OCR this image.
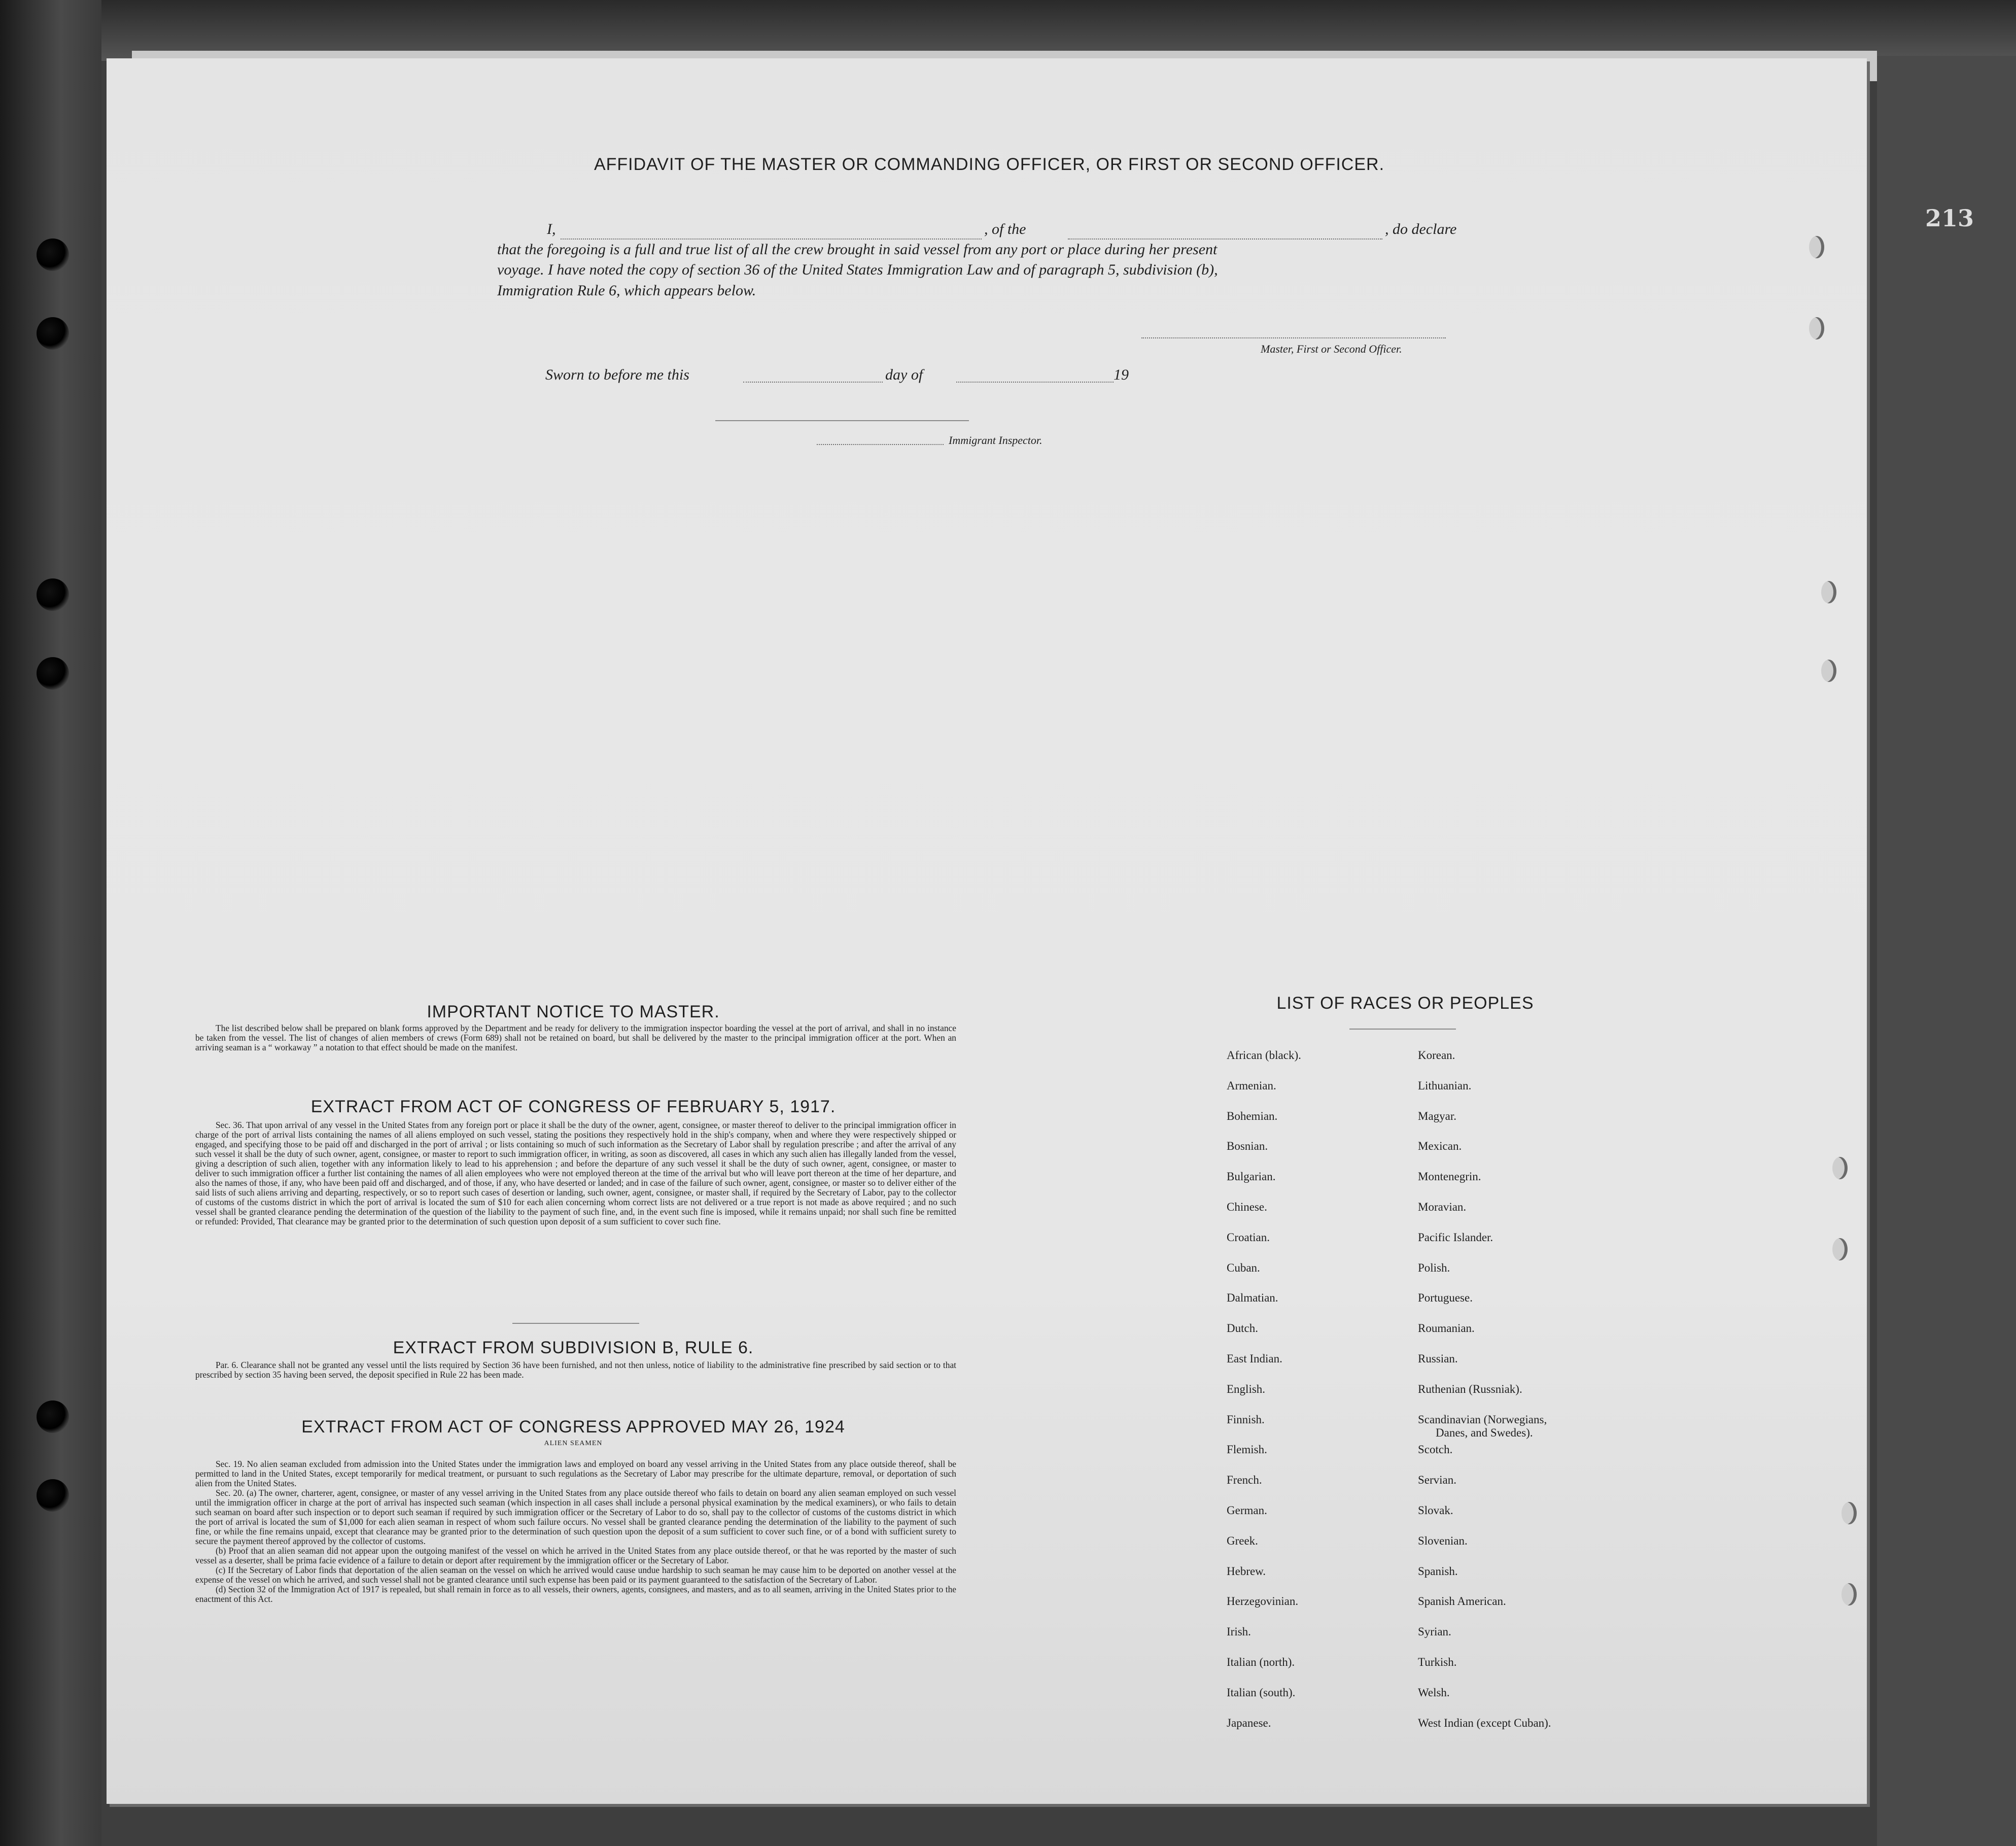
213
AFFIDAVIT OF THE MASTER OR COMMANDING OFFICER, OR FIRST OR SECOND OFFICER.
I,	, of the	, do declare
that the foregoing is a full and true list of all the crew brought in said vessel from any port or place during her present
voyage. I have noted the copy of section 36 of the United States Immigration Law and of paragraph 5, subdivision (b),
Immigration Rule 6, which appears below.
Master, First or Second Officer.
Sworn to before me this	day of	19
Immigrant Inspector.
IMPORTANT NOTICE TO MASTER.

The list described below shall be prepared on blank forms approved by the Department and be ready for delivery to the immigration inspector boarding the vessel at the port of arrival, and shall in no instance be taken from the vessel. The list of changes of alien members of crews (Form 689) shall not be retained on board, but shall be delivered by the master to the principal immigration officer at the port. When an arriving seaman is a “ workaway ” a notation to that effect should be made on the manifest.

EXTRACT FROM ACT OF CONGRESS OF FEBRUARY 5, 1917.

Sec. 36. That upon arrival of any vessel in the United States from any foreign port or place it shall be the duty of the owner, agent, consignee, or master thereof to deliver to the principal immigration officer in charge of the port of arrival lists containing the names of all aliens employed on such vessel, stating the positions they respectively hold in the ship's company, when and where they were respectively shipped or engaged, and specifying those to be paid off and discharged in the port of arrival ; or lists containing so much of such information as the Secretary of Labor shall by regulation prescribe ; and after the arrival of any such vessel it shall be the duty of such owner, agent, consignee, or master to report to such immigration officer, in writing, as soon as discovered, all cases in which any such alien has illegally landed from the vessel, giving a description of such alien, together with any information likely to lead to his apprehension ; and before the departure of any such vessel it shall be the duty of such owner, agent, consignee, or master to deliver to such immigration officer a further list containing the names of all alien employees who were not employed thereon at the time of the arrival but who will leave port thereon at the time of her departure, and also the names of those, if any, who have been paid off and discharged, and of those, if any, who have deserted or landed; and in case of the failure of such owner, agent, consignee, or master so to deliver either of the said lists of such aliens arriving and departing, respectively, or so to report such cases of desertion or landing, such owner, agent, consignee, or master shall, if required by the Secretary of Labor, pay to the collector of customs of the customs district in which the port of arrival is located the sum of $10 for each alien concerning whom correct lists are not delivered or a true report is not made as above required ; and no such vessel shall be granted clearance pending the determination of the question of the liability to the payment of such fine, and, in the event such fine is imposed, while it remains unpaid; nor shall such fine be remitted or refunded: Provided, That clearance may be granted prior to the determination of such question upon deposit of a sum sufficient to cover such fine.

EXTRACT FROM SUBDIVISION B, RULE 6.

Par. 6. Clearance shall not be granted any vessel until the lists required by Section 36 have been furnished, and not then unless, notice of liability to the administrative fine prescribed by said section or to that prescribed by section 35 having been served, the deposit specified in Rule 22 has been made.

EXTRACT FROM ACT OF CONGRESS APPROVED MAY 26, 1924
ALIEN SEAMEN

Sec. 19. No alien seaman excluded from admission into the United States under the immigration laws and employed on board any vessel arriving in the United States from any place outside thereof, shall be permitted to land in the United States, except temporarily for medical treatment, or pursuant to such regulations as the Secretary of Labor may prescribe for the ultimate departure, removal, or deportation of such alien from the United States.

Sec. 20. (a) The owner, charterer, agent, consignee, or master of any vessel arriving in the United States from any place outside thereof who fails to detain on board any alien seaman employed on such vessel until the immigration officer in charge at the port of arrival has inspected such seaman (which inspection in all cases shall include a personal physical examination by the medical examiners), or who fails to detain such seaman on board after such inspection or to deport such seaman if required by such immigration officer or the Secretary of Labor to do so, shall pay to the collector of customs of the customs district in which the port of arrival is located the sum of $1,000 for each alien seaman in respect of whom such failure occurs. No vessel shall be granted clearance pending the determination of the liability to the payment of such fine, or while the fine remains unpaid, except that clearance may be granted prior to the determination of such question upon the deposit of a sum sufficient to cover such fine, or of a bond with sufficient surety to secure the payment thereof approved by the collector of customs.

(b) Proof that an alien seaman did not appear upon the outgoing manifest of the vessel on which he arrived in the United States from any place outside thereof, or that he was reported by the master of such vessel as a deserter, shall be prima facie evidence of a failure to detain or deport after requirement by the immigration officer or the Secretary of Labor.

(c) If the Secretary of Labor finds that deportation of the alien seaman on the vessel on which he arrived would cause undue hardship to such seaman he may cause him to be deported on another vessel at the expense of the vessel on which he arrived, and such vessel shall not be granted clearance until such expense has been paid or its payment guaranteed to the satisfaction of the Secretary of Labor.

(d) Section 32 of the Immigration Act of 1917 is repealed, but shall remain in force as to all vessels, their owners, agents, consignees, and masters, and as to all seamen, arriving in the United States prior to the enactment of this Act.

LIST OF RACES OR PEOPLES
African (black).
Armenian.
Bohemian.
Bosnian.
Bulgarian.
Chinese.
Croatian.
Cuban.
Dalmatian.
Dutch.
East Indian.
English.
Finnish.
Flemish.
French.
German.
Greek.
Hebrew.
Herzegovinian.
Irish.
Italian (north).
Italian (south).
Japanese.
Korean.
Lithuanian.
Magyar.
Mexican.
Montenegrin.
Moravian.
Pacific Islander.
Polish.
Portuguese.
Roumanian.
Russian.
Ruthenian (Russniak).
Scandinavian (Norwegians,
Danes, and Swedes).
Scotch.
Servian.
Slovak.
Slovenian.
Spanish.
Spanish American.
Syrian.
Turkish.
Welsh.
West Indian (except Cuban).
